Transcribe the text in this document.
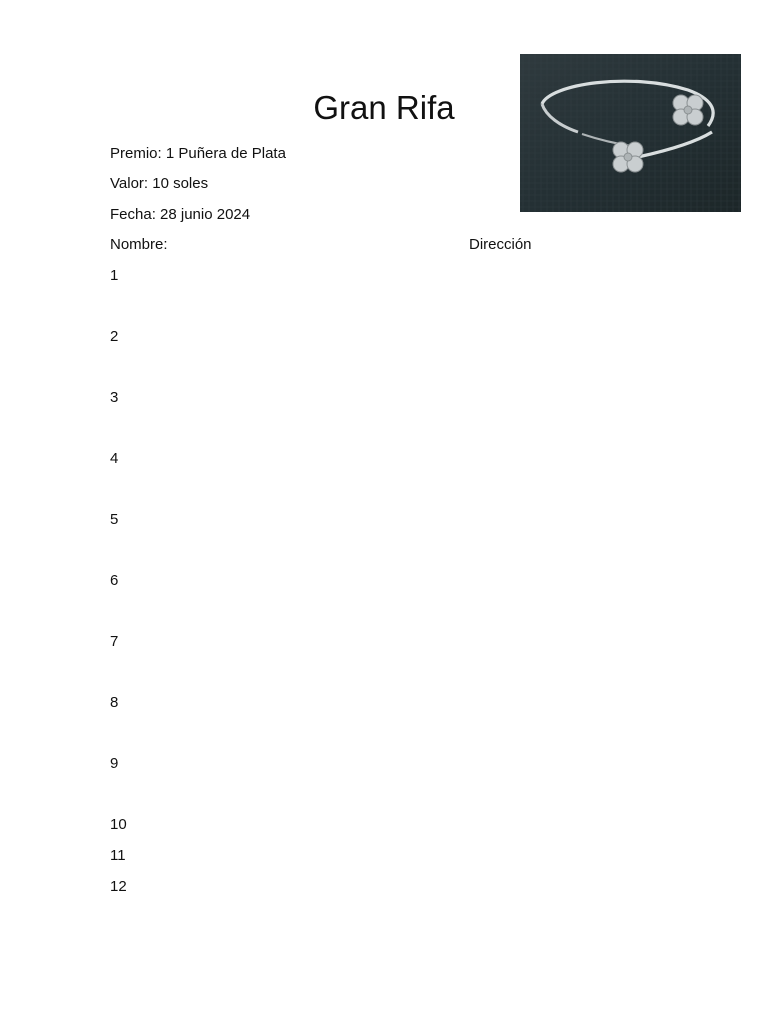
Gran Rifa
Premio: 1 Puñera de Plata
Valor: 10 soles
Fecha: 28 junio 2024
Nombre:	Dirección
1
2
3
4
5
6
7
8
9
10
11
12
